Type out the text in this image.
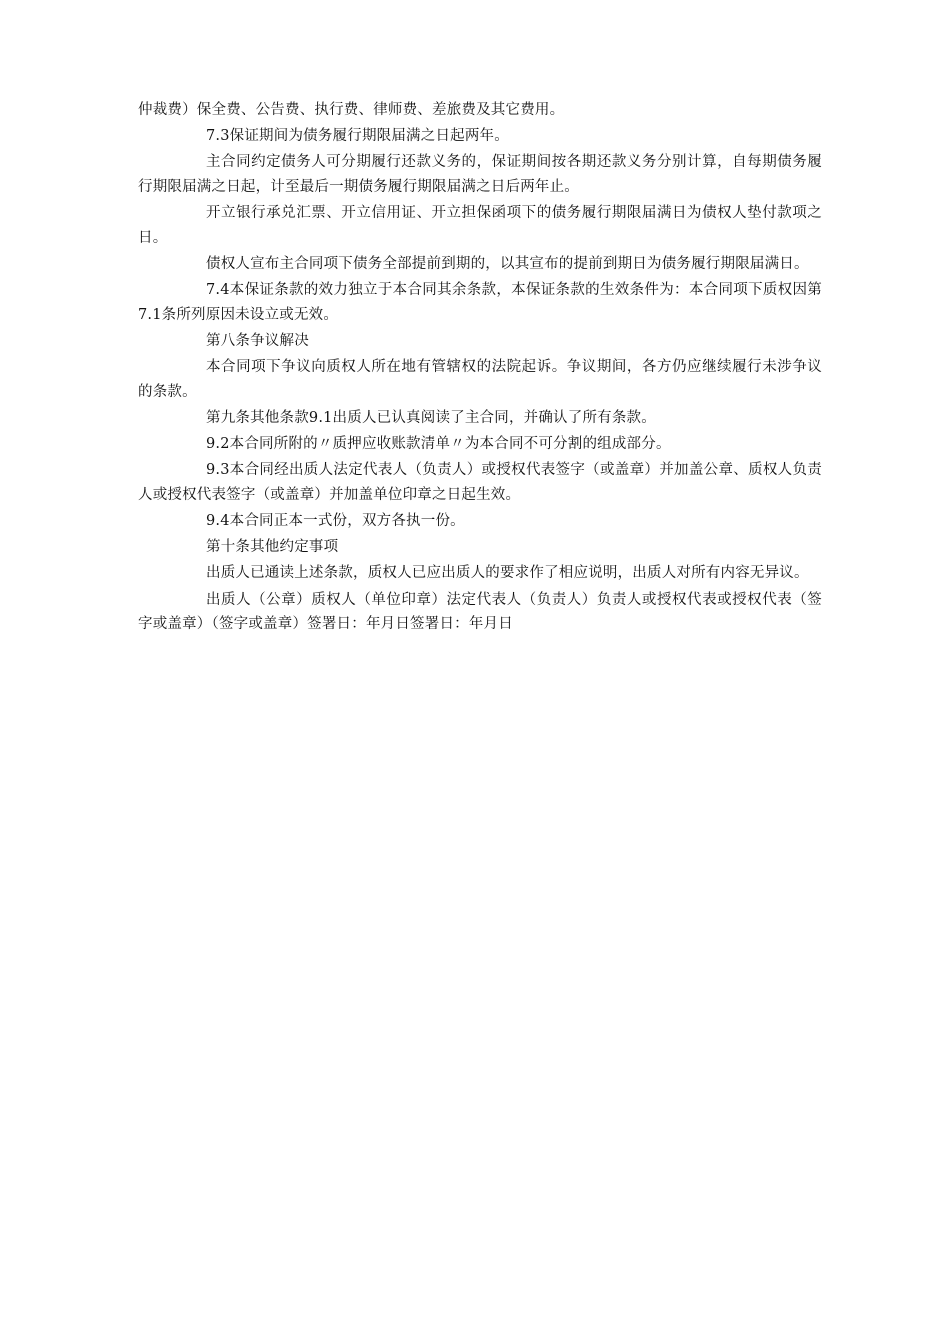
仲裁费）保全费、公告费、执行费、律师费、差旅费及其它费用。

7.3保证期间为债务履行期限届满之日起两年。

主合同约定债务人可分期履行还款义务的，保证期间按各期还款义务分别计算，自每期债务履行期限届满之日起，计至最后一期债务履行期限届满之日后两年止。

开立银行承兑汇票、开立信用证、开立担保函项下的债务履行期限届满日为债权人垫付款项之日。

债权人宣布主合同项下债务全部提前到期的，以其宣布的提前到期日为债务履行期限届满日。

7.4本保证条款的效力独立于本合同其余条款，本保证条款的生效条件为：本合同项下质权因第7.1条所列原因未设立或无效。

第八条争议解决

本合同项下争议向质权人所在地有管辖权的法院起诉。争议期间，各方仍应继续履行未涉争议的条款。

第九条其他条款9.1出质人已认真阅读了主合同，并确认了所有条款。

9.2本合同所附的〃质押应收账款清单〃为本合同不可分割的组成部分。

9.3本合同经出质人法定代表人（负责人）或授权代表签字（或盖章）并加盖公章、质权人负责人或授权代表签字（或盖章）并加盖单位印章之日起生效。

9.4本合同正本一式份，双方各执一份。

第十条其他约定事项

出质人已通读上述条款，质权人已应出质人的要求作了相应说明，出质人对所有内容无异议。

出质人（公章）质权人（单位印章）法定代表人（负责人）负责人或授权代表或授权代表（签字或盖章）（签字或盖章）签署日：年月日签署日：年月日
